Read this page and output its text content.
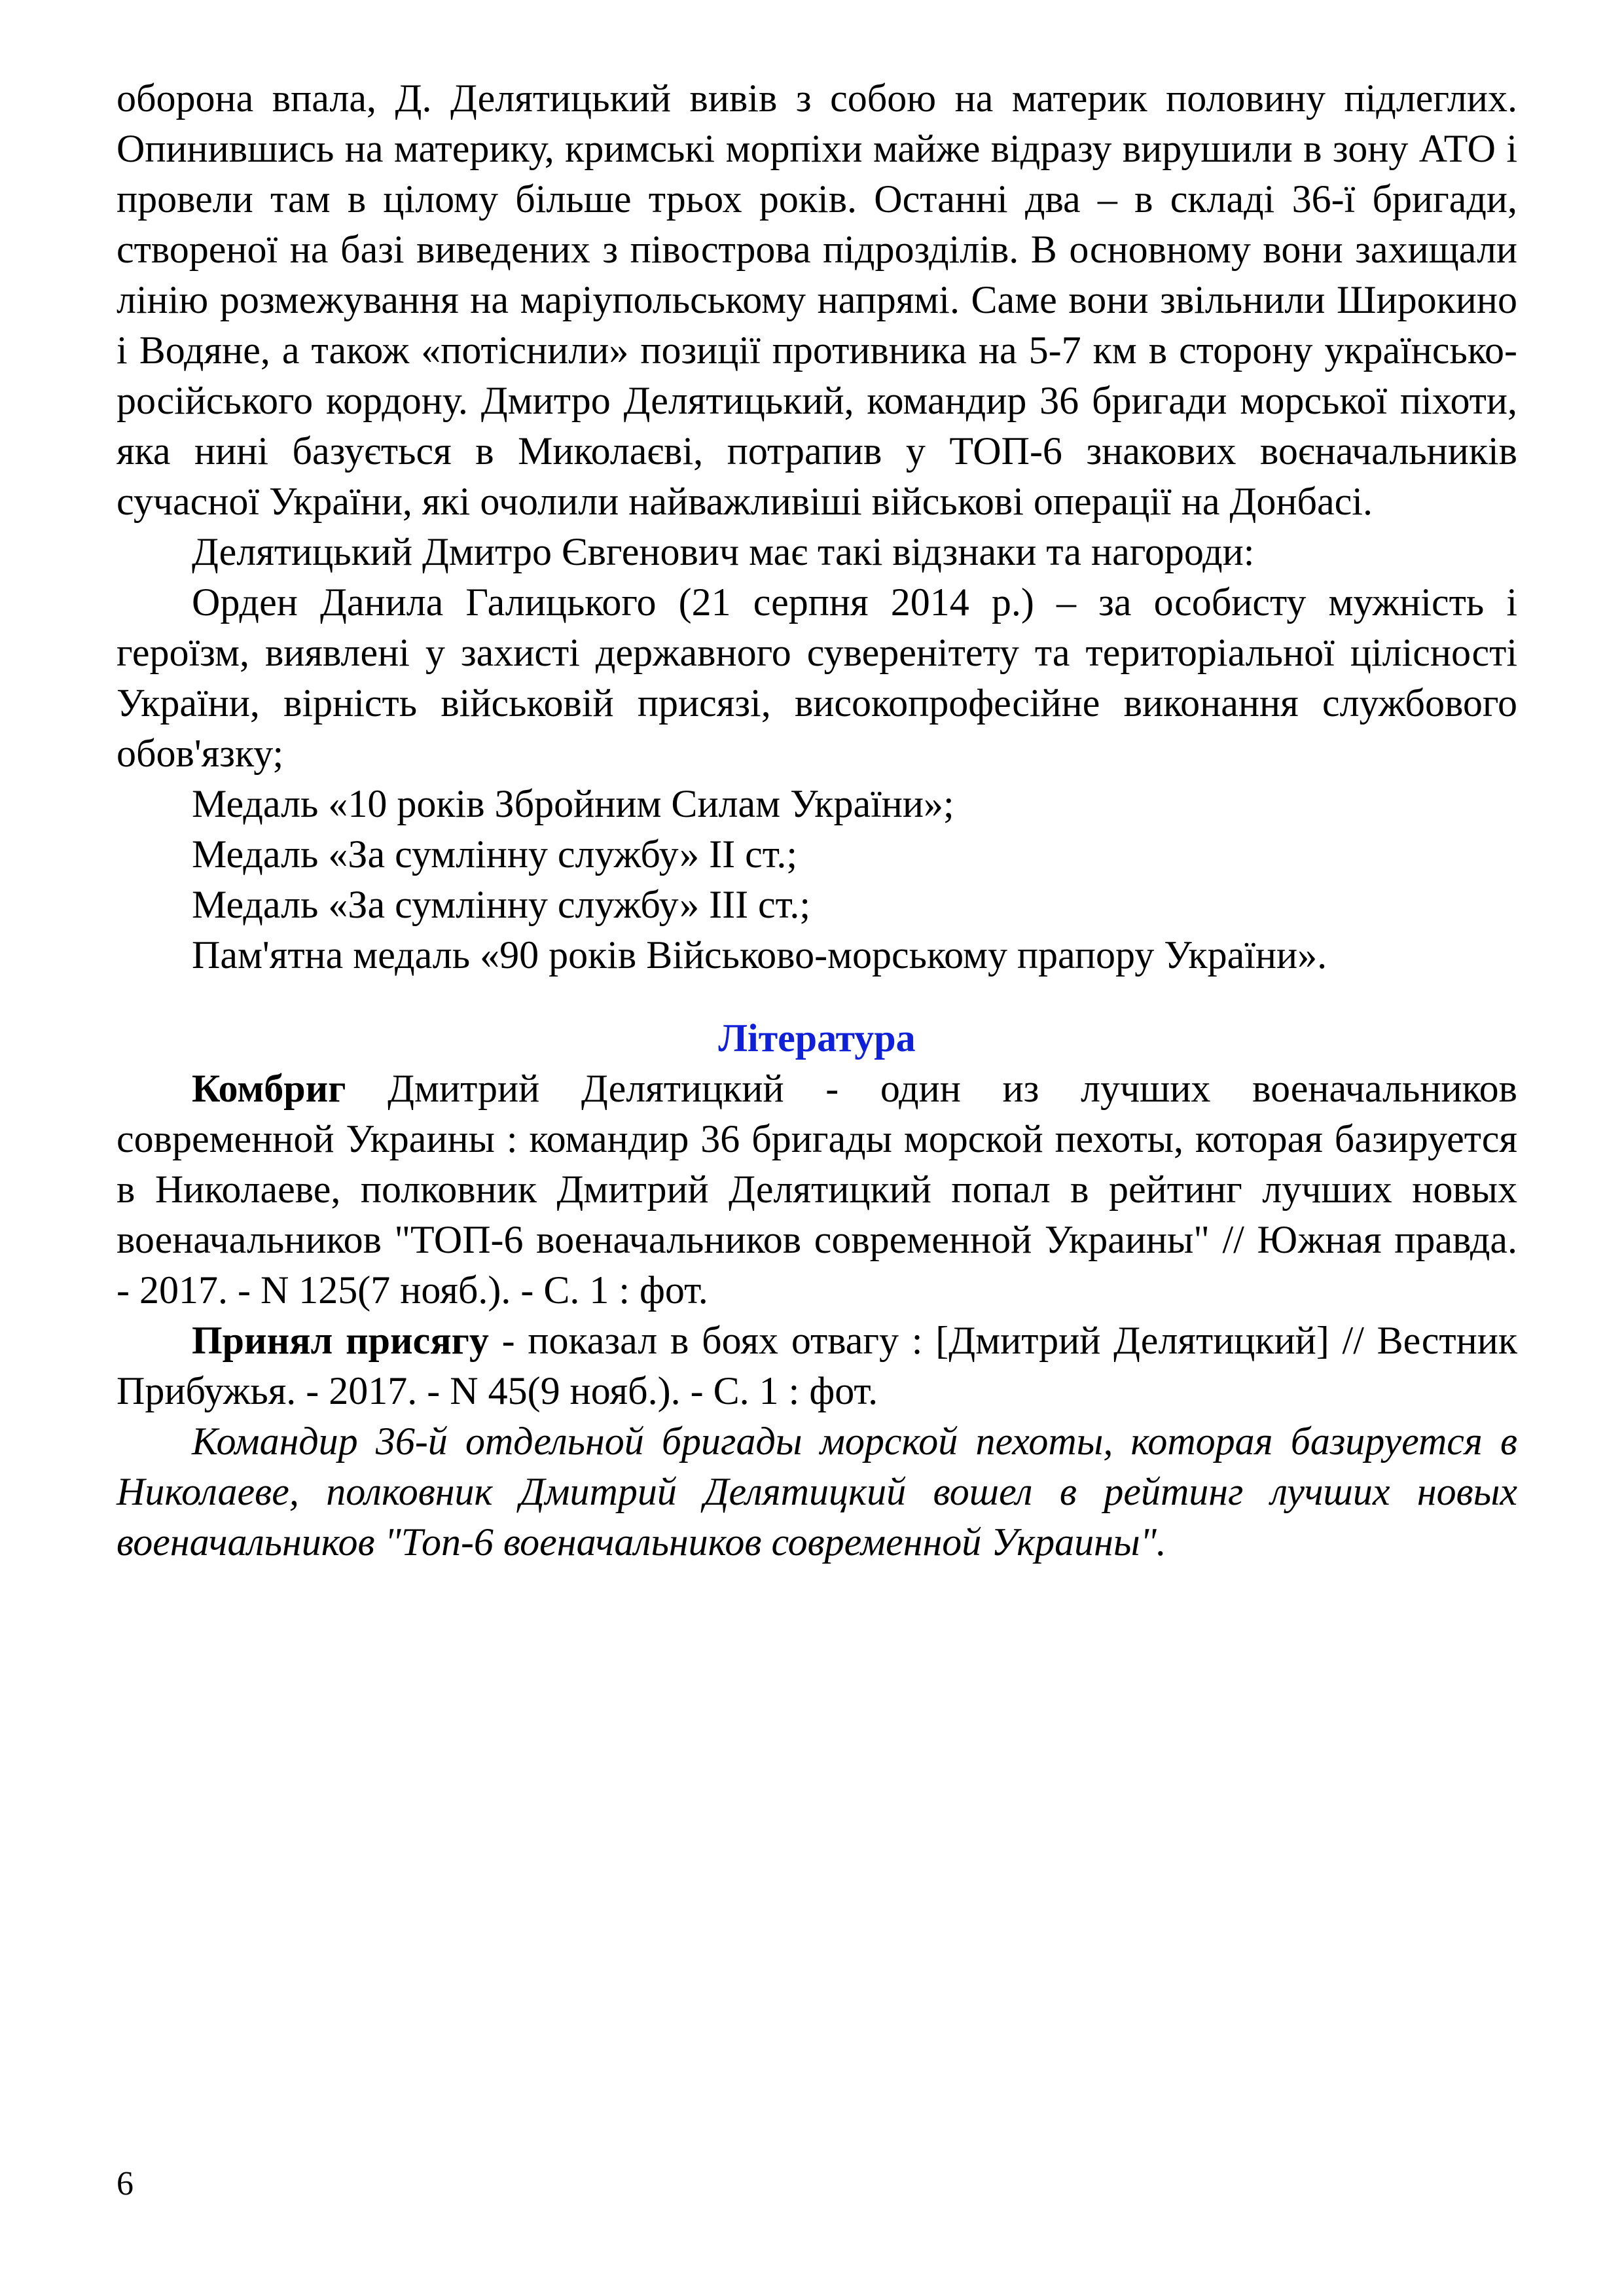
оборона впала, Д. Делятицький вивів з собою на материк половину підлеглих. Опинившись на материку, кримські морпіхи майже відразу вирушили в зону АТО і провели там в цілому більше трьох років. Останні два – в складі 36-ї бригади, створеної на базі виведених з півострова підрозділів. В основному вони захищали лінію розмежування на маріупольському напрямі. Саме вони звільнили Широкино і Водяне, а також «потіснили» позиції противника на 5-7 км в сторону українсько-російського кордону. Дмитро Делятицький, командир 36 бригади морської піхоти, яка нині базується в Миколаєві, потрапив у ТОП-6 знакових воєначальників сучасної України, які очолили найважливіші військові операції на Донбасі.

Делятицький Дмитро Євгенович має такі відзнаки та нагороди:

Орден Данила Галицького (21 серпня 2014 р.) – за особисту мужність і героїзм, виявлені у захисті державного суверенітету та територіальної цілісності України, вірність військовій присязі, високопрофесійне виконання службового обов'язку;

Медаль «10 років Збройним Силам України»;

Медаль «За сумлінну службу» II ст.;

Медаль «За сумлінну службу» III ст.;

Пам'ятна медаль «90 років Військово-морському прапору України».

Література

Комбриг Дмитрий Делятицкий - один из лучших военачальников современной Украины : командир 36 бригады морской пехоты, которая базируется в Николаеве, полковник Дмитрий Делятицкий попал в рейтинг лучших новых военачальников "ТОП-6 военачальников современной Украины" // Южная правда. - 2017. - N 125(7 нояб.). - С. 1 : фот.

Принял присягу - показал в боях отвагу : [Дмитрий Делятицкий] // Вестник Прибужья. - 2017. - N 45(9 нояб.). - С. 1 : фот.

Командир 36-й отдельной бригады морской пехоты, которая базируется в Николаеве, полковник Дмитрий Делятицкий вошел в рейтинг лучших новых военачальников "Топ-6 военачальников современной Украины".

6
